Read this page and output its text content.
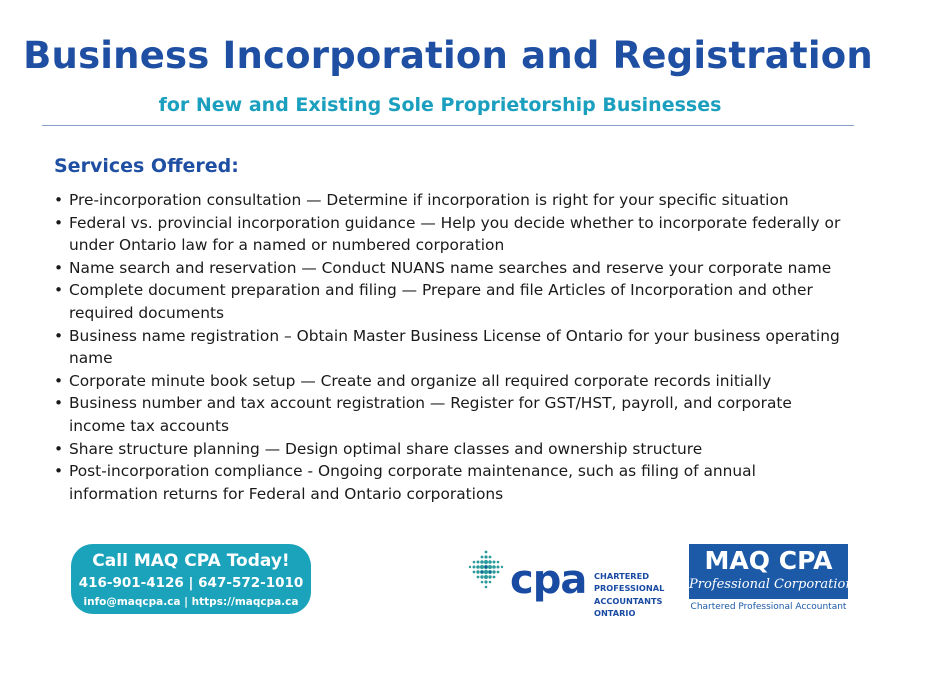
Business Incorporation and Registration
for New and Existing Sole Proprietorship Businesses
Services Offered:
• Pre-incorporation consultation — Determine if incorporation is right for your specific situation
• Federal vs. provincial incorporation guidance — Help you decide whether to incorporate federally or
under Ontario law for a named or numbered corporation
• Name search and reservation — Conduct NUANS name searches and reserve your corporate name
• Complete document preparation and filing — Prepare and file Articles of Incorporation and other
required documents
• Business name registration – Obtain Master Business License of Ontario for your business operating
name
• Corporate minute book setup — Create and organize all required corporate records initially
• Business number and tax account registration — Register for GST/HST, payroll, and corporate
income tax accounts
• Share structure planning — Design optimal share classes and ownership structure
• Post-incorporation compliance - Ongoing corporate maintenance, such as filing of annual
information returns for Federal and Ontario corporations
Call MAQ CPA Today!
416-901-4126 | 647-572-1010
info@maqcpa.ca | https://maqcpa.ca	cpa CHARTERED
PROFESSIONAL
ACCOUNTANTS
ONTARIO
MAQ CPA
Professional Corporation
Chartered Professional Accountant
